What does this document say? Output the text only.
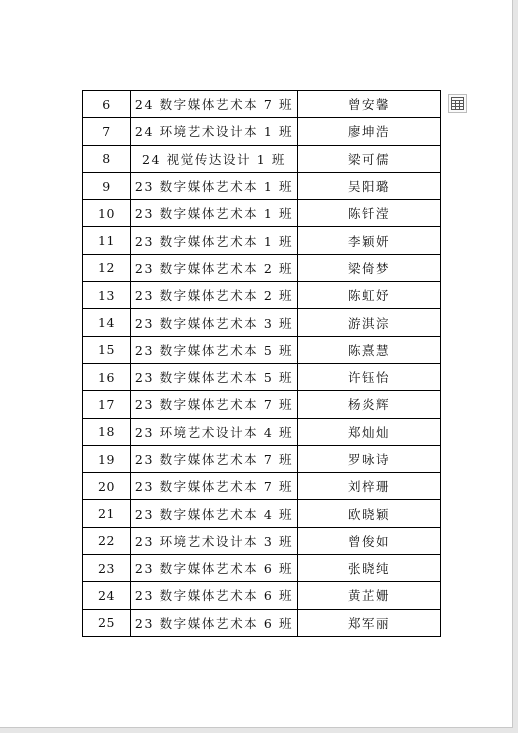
6	24 数字媒体艺术本 7 班	曾安馨
7	24 环境艺术设计本 1 班	廖坤浩
8	24 视觉传达设计 1 班	梁可儒
9	23 数字媒体艺术本 1 班	吴阳璐
10	23 数字媒体艺术本 1 班	陈钎滢
11	23 数字媒体艺术本 1 班	李颖妍
12	23 数字媒体艺术本 2 班	梁倚梦
13	23 数字媒体艺术本 2 班	陈虹妤
14	23 数字媒体艺术本 3 班	游淇淙
15	23 数字媒体艺术本 5 班	陈熹慧
16	23 数字媒体艺术本 5 班	许钰怡
17	23 数字媒体艺术本 7 班	杨炎辉
18	23 环境艺术设计本 4 班	郑灿灿
19	23 数字媒体艺术本 7 班	罗咏诗
20	23 数字媒体艺术本 7 班	刘梓珊
21	23 数字媒体艺术本 4 班	欧晓颖
22	23 环境艺术设计本 3 班	曾俊如
23	23 数字媒体艺术本 6 班	张晓纯
24	23 数字媒体艺术本 6 班	黄芷姗
25	23 数字媒体艺术本 6 班	郑军丽
